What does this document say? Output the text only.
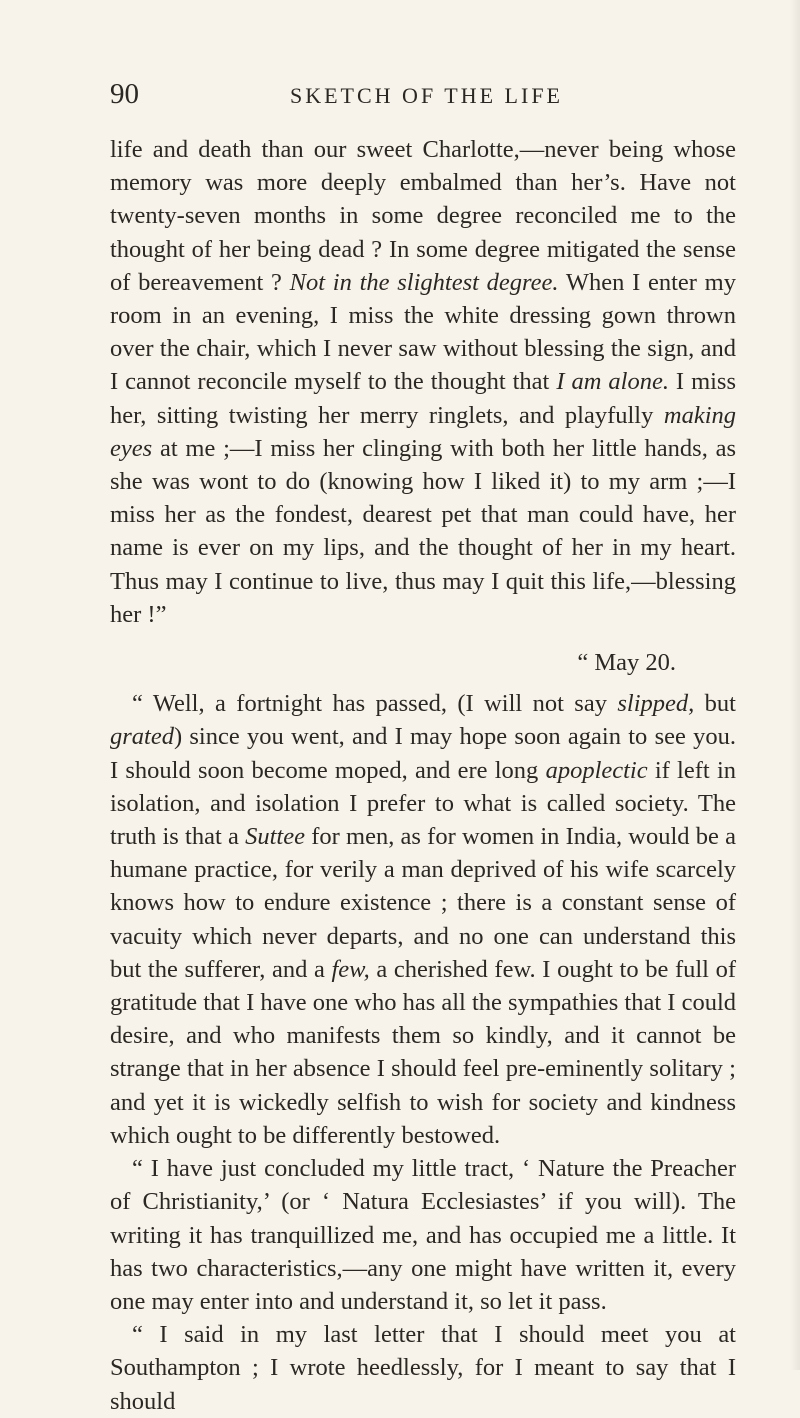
90	SKETCH OF THE LIFE

life and death than our sweet Charlotte,—never being whose memory was more deeply embalmed than her’s. Have not twenty-seven months in some degree reconciled me to the thought of her being dead ? In some degree mitigated the sense of bereavement ? Not in the slightest degree. When I enter my room in an evening, I miss the white dressing gown thrown over the chair, which I never saw without blessing the sign, and I cannot reconcile myself to the thought that I am alone. I miss her, sitting twisting her merry ringlets, and playfully making eyes at me ;—I miss her clinging with both her little hands, as she was wont to do (knowing how I liked it) to my arm ;—I miss her as the fondest, dearest pet that man could have, her name is ever on my lips, and the thought of her in my heart. Thus may I continue to live, thus may I quit this life,—blessing her !”

“ May 20.

“ Well, a fortnight has passed, (I will not say slipped, but grated) since you went, and I may hope soon again to see you. I should soon become moped, and ere long apoplectic if left in isolation, and isolation I prefer to what is called society. The truth is that a Suttee for men, as for women in India, would be a humane practice, for verily a man deprived of his wife scarcely knows how to endure existence ; there is a constant sense of vacuity which never departs, and no one can understand this but the sufferer, and a few, a cherished few. I ought to be full of gratitude that I have one who has all the sympathies that I could desire, and who manifests them so kindly, and it cannot be strange that in her absence I should feel pre-eminently solitary ; and yet it is wickedly selfish to wish for society and kindness which ought to be differently bestowed.

“ I have just concluded my little tract, ‘ Nature the Preacher of Christianity,’ (or ‘ Natura Ecclesiastes’ if you will). The writing it has tranquillized me, and has occupied me a little. It has two characteristics,—any one might have written it, every one may enter into and understand it, so let it pass.

“ I said in my last letter that I should meet you at Southampton ; I wrote heedlessly, for I meant to say that I should
